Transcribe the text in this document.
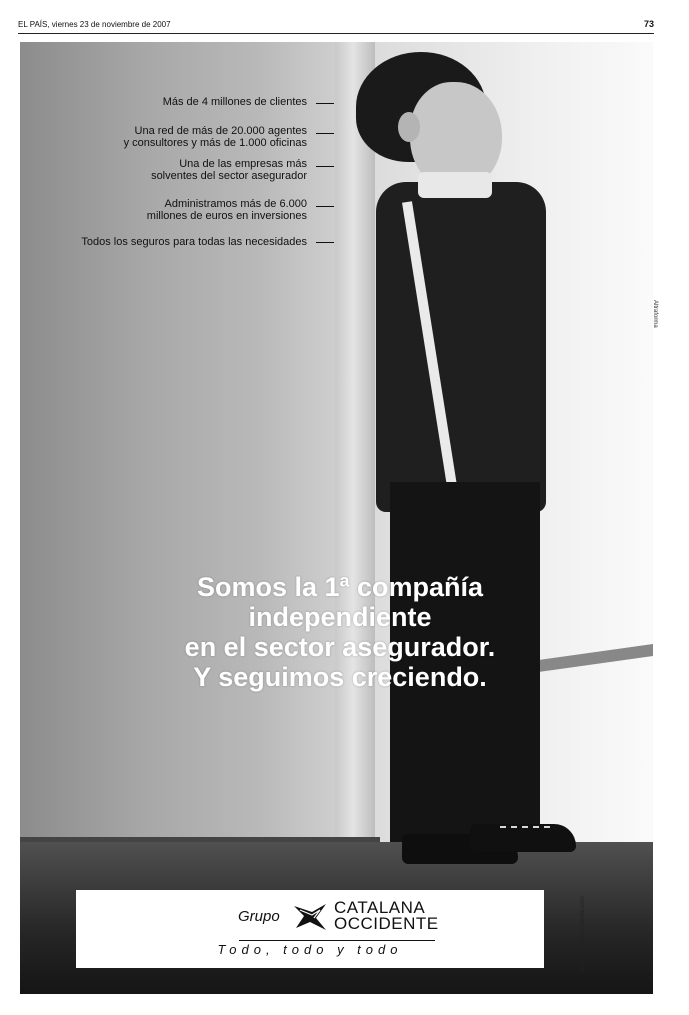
EL PAÍS, viernes 23 de noviembre de 2007	73
Más de 4 millones de clientes
Una red de más de 20.000 agentes
y consultores y más de 1.000 oficinas
Una de las empresas más
solventes del sector asegurador
Administramos más de 6.000
millones de euros en inversiones
Todos los seguros para todas las necesidades
Somos la 1ª compañía
independiente
en el sector asegurador.
Y seguimos creciendo.
Grupo	CATALANA
OCCIDENTE
Todo, todo y todo	www.catalanaoccidente.com
Altraforma
